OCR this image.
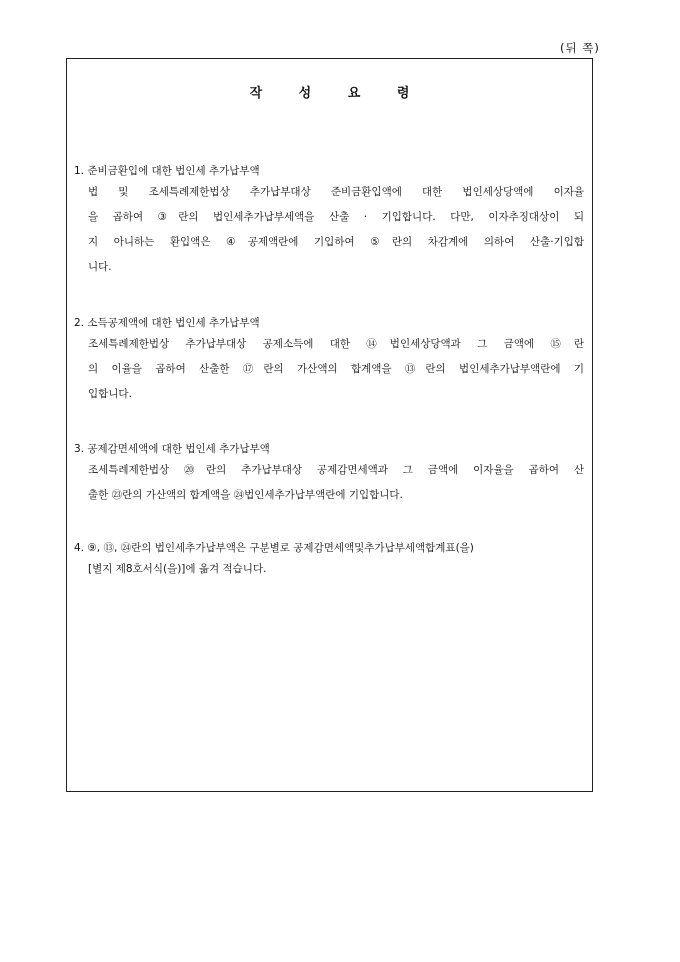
(뒤 쪽)
작 성 요 령
1. 준비금환입에 대한 법인세 추가납부액
법 및 조세특례제한법상 추가납부대상 준비금환입액에 대한 법인세상당액에 이자율
을 곱하여 ③란의 법인세추가납부세액을 산출 · 기입합니다. 다만, 이자추징대상이 되
지 아니하는 환입액은 ④공제액란에 기입하여 ⑤란의 차감계에 의하여 산출·기입합
니다.
2. 소득공제액에 대한 법인세 추가납부액
조세특례제한법상 추가납부대상 공제소득에 대한 ⑭법인세상당액과 그 금액에 ⑮란
의 이율을 곱하여 산출한 ⑰란의 가산액의 합계액을 ⑬란의 법인세추가납부액란에 기
입합니다.
3. 공제감면세액에 대한 법인세 추가납부액
조세특례제한법상 ⑳란의 추가납부대상 공제감면세액과 그 금액에 이자율을 곱하여 산
출한 ㉓란의 가산액의 합계액을 ㉔법인세추가납부액란에 기입합니다.
4. ⑨, ⑬, ㉔란의 법인세추가납부액은 구분별로 공제감면세액및추가납부세액합계표(을)
[별지 제8호서식(을)]에 옮겨 적습니다.
